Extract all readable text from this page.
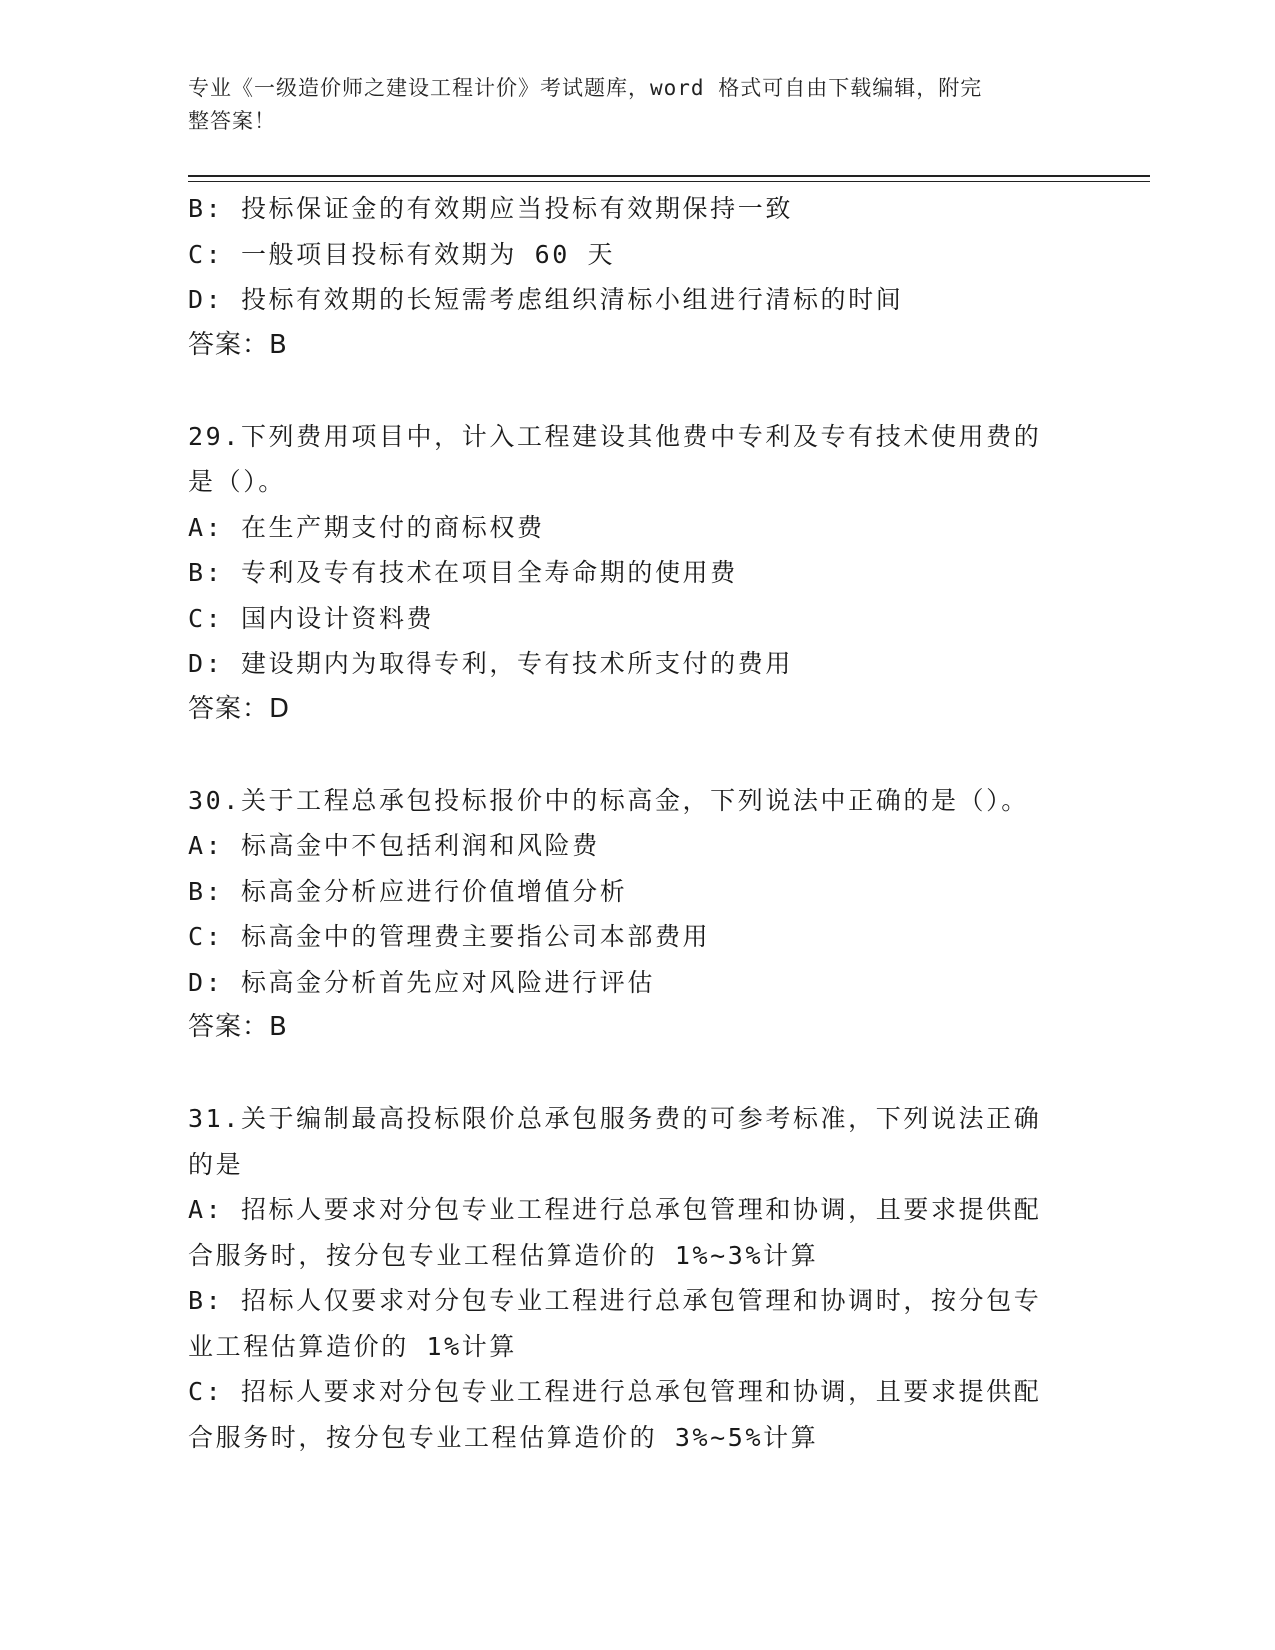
专业《一级造价师之建设工程计价》考试题库，word 格式可自由下载编辑，附完
整答案！
B: 投标保证金的有效期应当投标有效期保持一致
C: 一般项目投标有效期为 60 天
D: 投标有效期的长短需考虑组织清标小组进行清标的时间
答案：B
29.下列费用项目中，计入工程建设其他费中专利及专有技术使用费的
是（）。
A: 在生产期支付的商标权费
B: 专利及专有技术在项目全寿命期的使用费
C: 国内设计资料费
D: 建设期内为取得专利，专有技术所支付的费用
答案：D
30.关于工程总承包投标报价中的标高金，下列说法中正确的是（）。
A: 标高金中不包括利润和风险费
B: 标高金分析应进行价值增值分析
C: 标高金中的管理费主要指公司本部费用
D: 标高金分析首先应对风险进行评估
答案：B
31.关于编制最高投标限价总承包服务费的可参考标准，下列说法正确
的是
A: 招标人要求对分包专业工程进行总承包管理和协调，且要求提供配
合服务时，按分包专业工程估算造价的 1%~3%计算
B: 招标人仅要求对分包专业工程进行总承包管理和协调时，按分包专
业工程估算造价的 1%计算
C: 招标人要求对分包专业工程进行总承包管理和协调，且要求提供配
合服务时，按分包专业工程估算造价的 3%~5%计算
